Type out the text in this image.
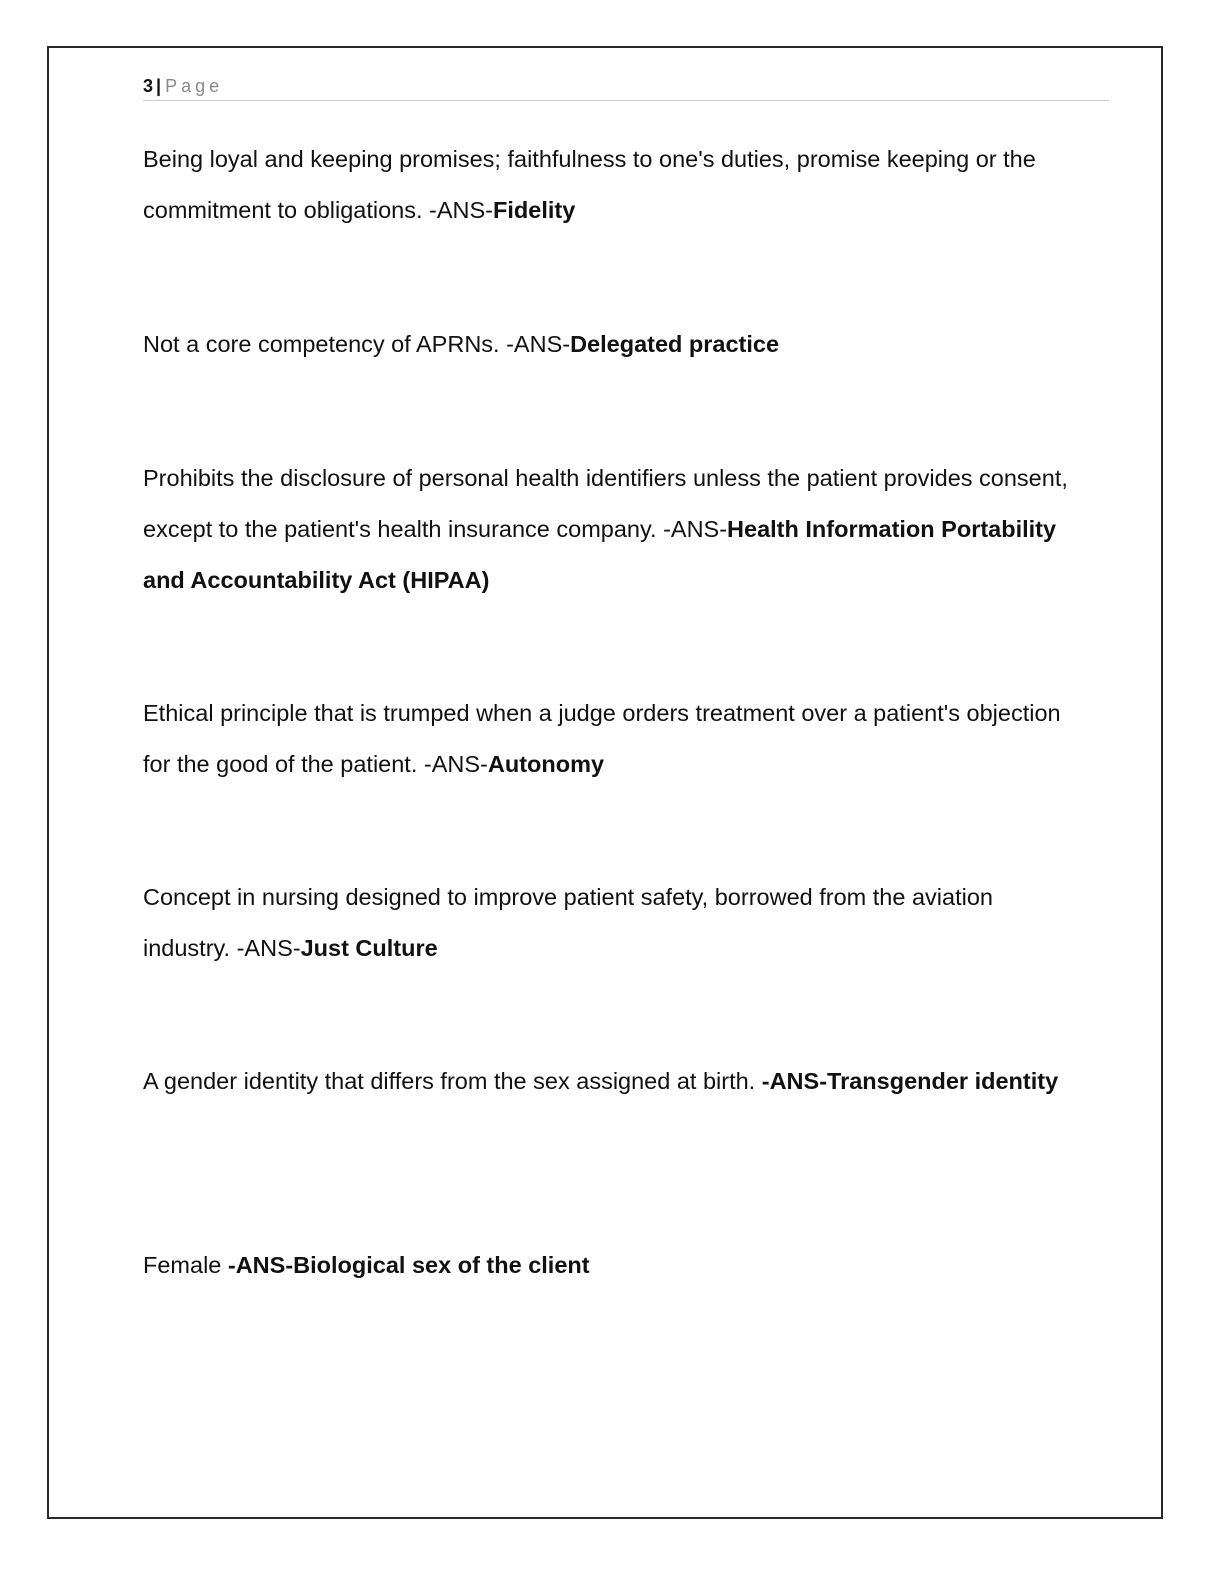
3 | Page

Being loyal and keeping promises; faithfulness to one's duties, promise keeping or the commitment to obligations. -ANS-Fidelity

Not a core competency of APRNs. -ANS-Delegated practice

Prohibits the disclosure of personal health identifiers unless the patient provides consent, except to the patient's health insurance company. -ANS-Health Information Portability and Accountability Act (HIPAA)

Ethical principle that is trumped when a judge orders treatment over a patient's objection for the good of the patient. -ANS-Autonomy

Concept in nursing designed to improve patient safety, borrowed from the aviation industry. -ANS-Just Culture

A gender identity that differs from the sex assigned at birth. -ANS-Transgender identity

Female -ANS-Biological sex of the client
